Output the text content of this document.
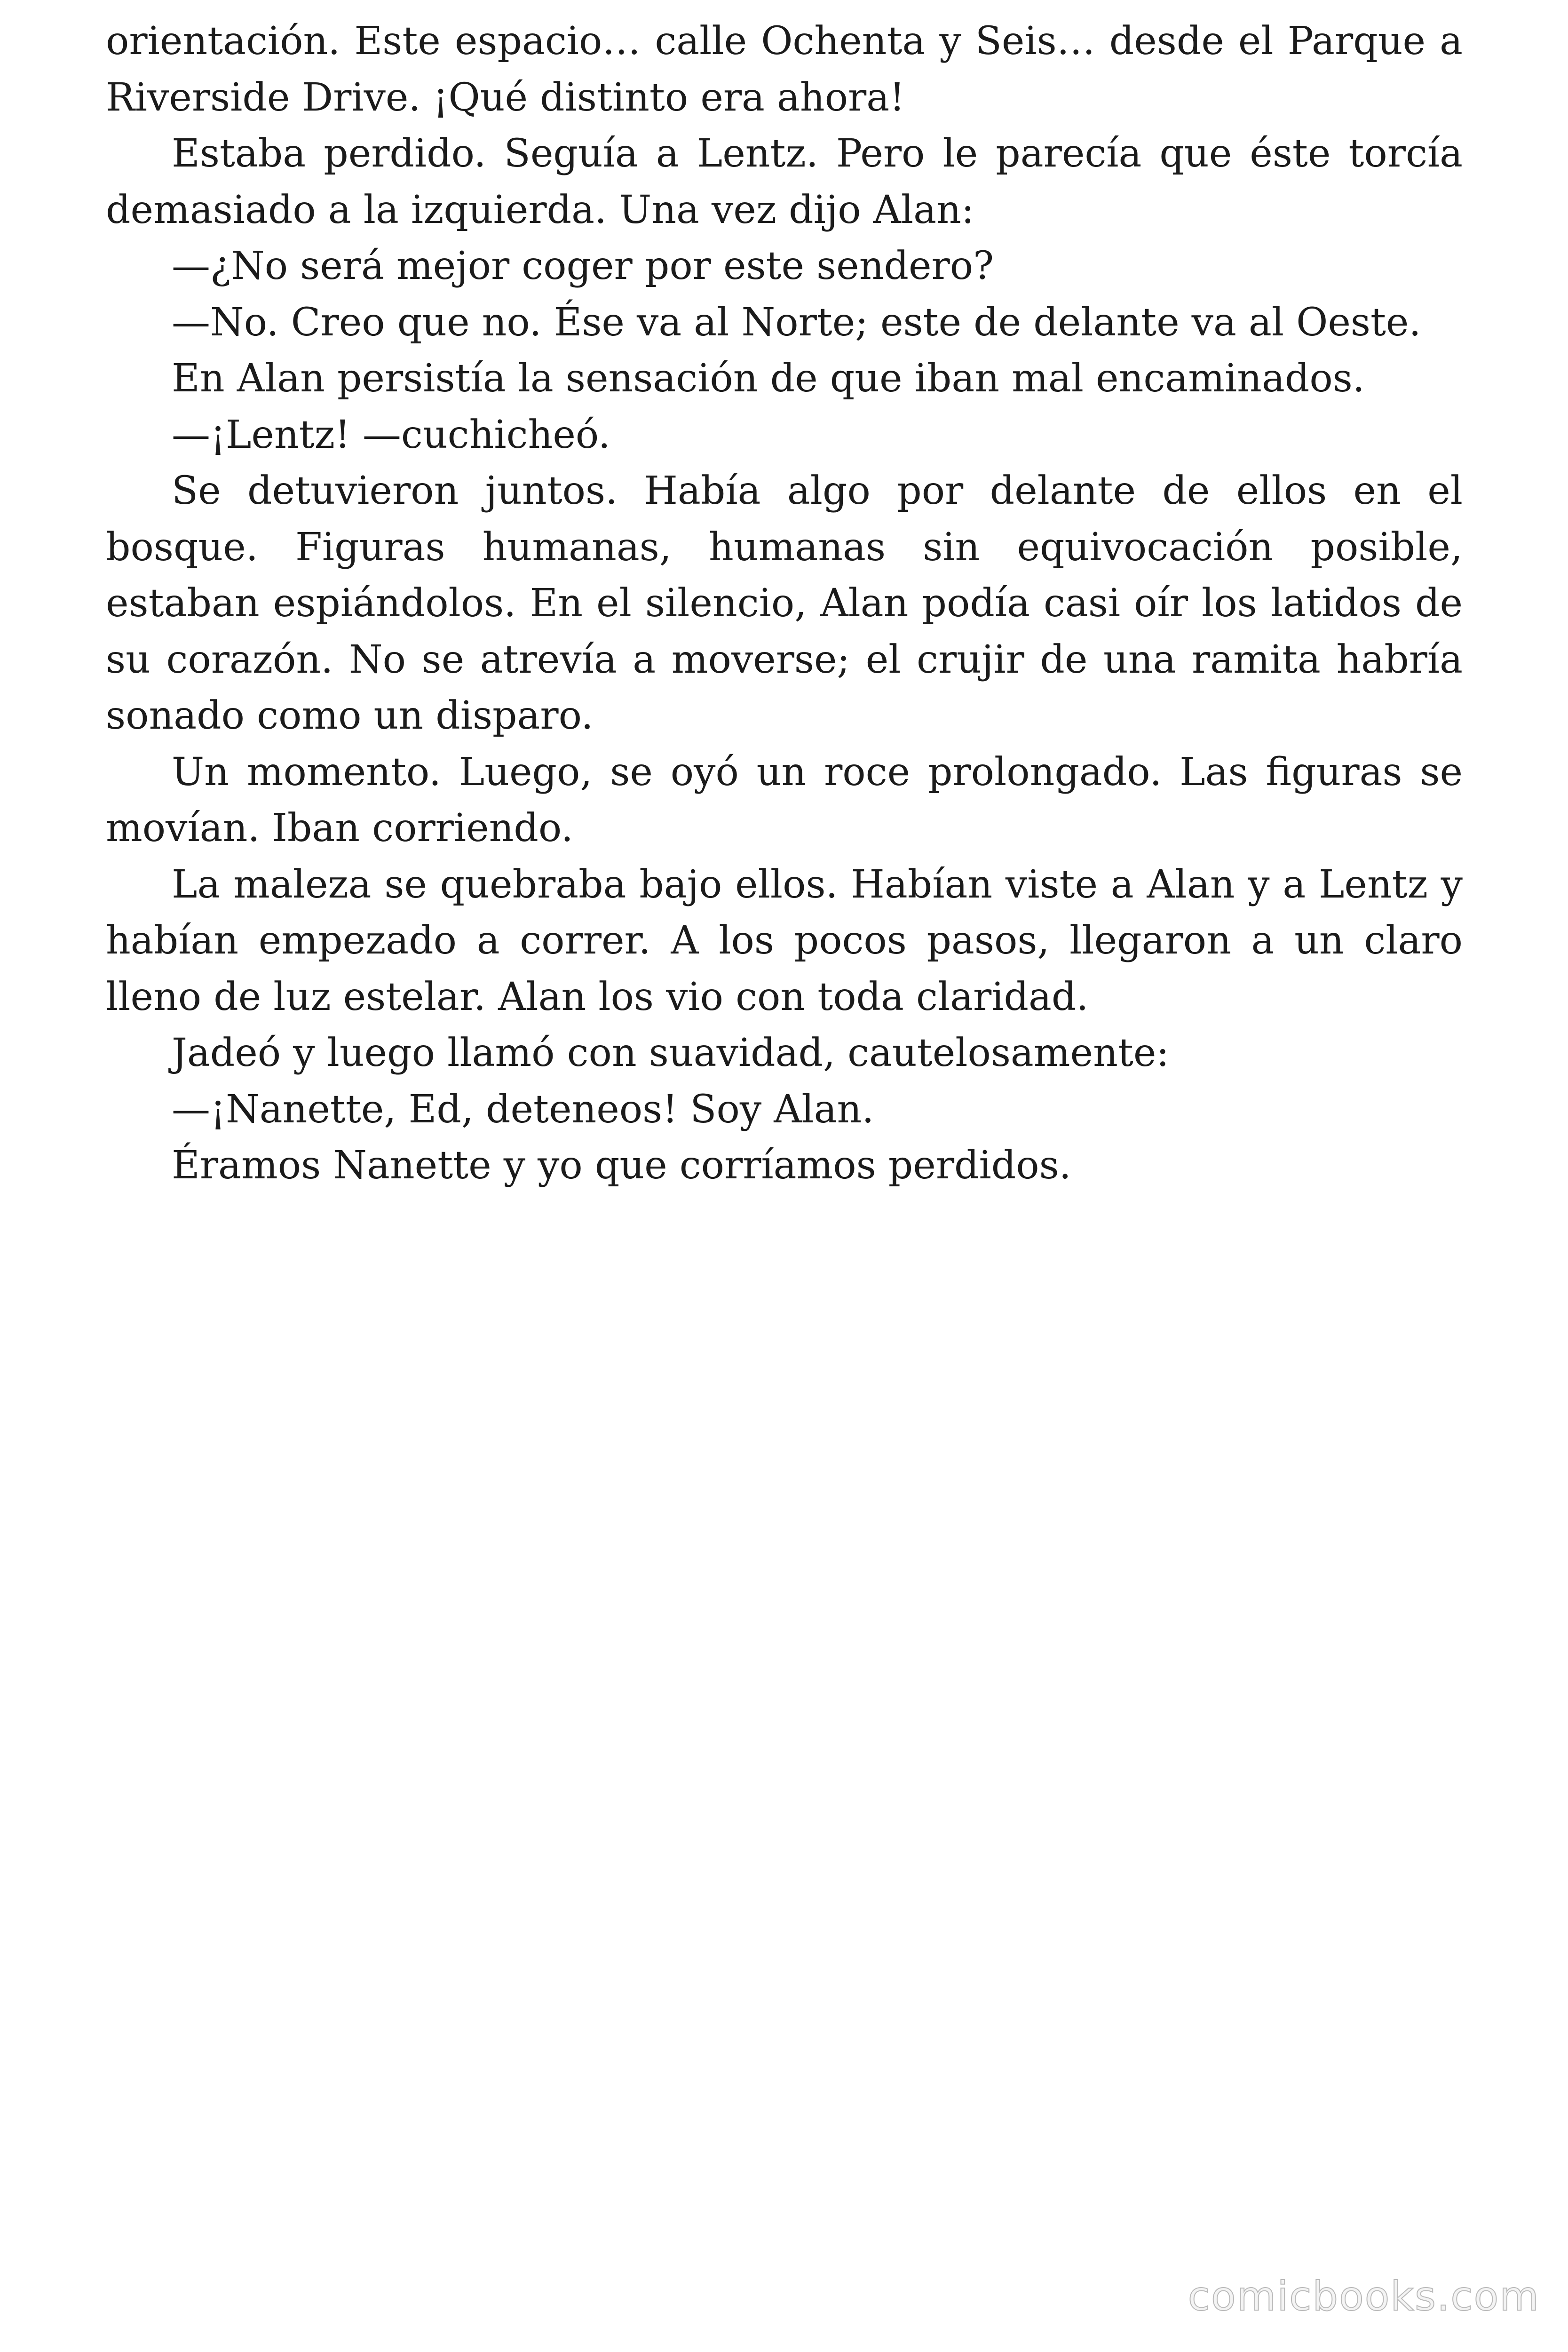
orientación. Este espacio… calle Ochenta y Seis… desde el Parque a Riverside Drive. ¡Qué distinto era ahora!

Estaba perdido. Seguía a Lentz. Pero le parecía que éste torcía demasiado a la izquierda. Una vez dijo Alan:

—¿No será mejor coger por este sendero?

—No. Creo que no. Ése va al Norte; este de delante va al Oeste.

En Alan persistía la sensación de que iban mal encaminados.

—¡Lentz! —cuchicheó.

Se detuvieron juntos. Había algo por delante de ellos en el bosque. Figuras humanas, humanas sin equivocación posible, estaban espiándolos. En el silencio, Alan podía casi oír los latidos de su corazón. No se atrevía a moverse; el crujir de una ramita habría sonado como un disparo.

Un momento. Luego, se oyó un roce prolongado. Las figuras se movían. Iban corriendo.

La maleza se quebraba bajo ellos. Habían viste a Alan y a Lentz y habían empezado a correr. A los pocos pasos, llegaron a un claro lleno de luz estelar. Alan los vio con toda claridad.

Jadeó y luego llamó con suavidad, cautelosamente:

—¡Nanette, Ed, deteneos! Soy Alan.

Éramos Nanette y yo que corríamos perdidos.

comicbooks.com
